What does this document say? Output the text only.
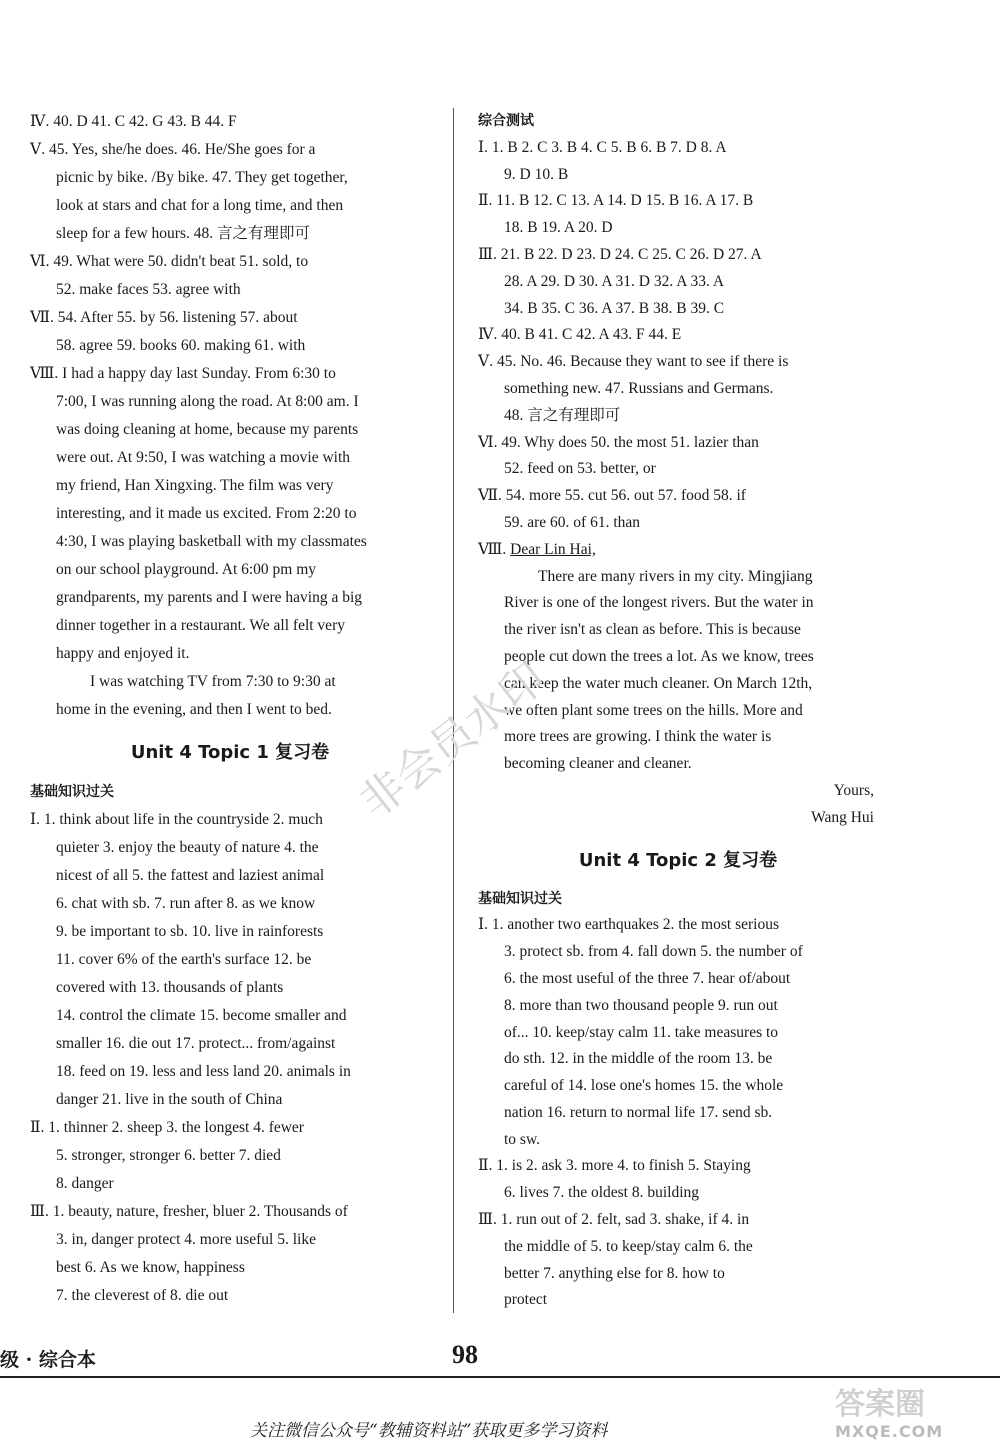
Ⅳ. 40. D 41. C 42. G 43. B 44. F
Ⅴ. 45. Yes, she/he does. 46. He/She goes for a
picnic by bike. /By bike. 47. They get together,
look at stars and chat for a long time, and then
sleep for a few hours. 48. 言之有理即可
Ⅵ. 49. What were 50. didn't beat 51. sold, to
52. make faces 53. agree with
Ⅶ. 54. After 55. by 56. listening 57. about
58. agree 59. books 60. making 61. with
Ⅷ. I had a happy day last Sunday. From 6:30 to
7:00, I was running along the road. At 8:00 am. I
was doing cleaning at home, because my parents
were out. At 9:50, I was watching a movie with
my friend, Han Xingxing. The film was very
interesting, and it made us excited. From 2:20 to
4:30, I was playing basketball with my classmates
on our school playground. At 6:00 pm my
grandparents, my parents and I were having a big
dinner together in a restaurant. We all felt very
happy and enjoyed it.
I was watching TV from 7:30 to 9:30 at
home in the evening, and then I went to bed.
Unit 4 Topic 1 复习卷
基础知识过关
Ⅰ. 1. think about life in the countryside 2. much
quieter 3. enjoy the beauty of nature 4. the
nicest of all 5. the fattest and laziest animal
6. chat with sb. 7. run after 8. as we know
9. be important to sb. 10. live in rainforests
11. cover 6% of the earth's surface 12. be
covered with 13. thousands of plants
14. control the climate 15. become smaller and
smaller 16. die out 17. protect... from/against
18. feed on 19. less and less land 20. animals in
danger 21. live in the south of China
Ⅱ. 1. thinner 2. sheep 3. the longest 4. fewer
5. stronger, stronger 6. better 7. died
8. danger
Ⅲ. 1. beauty, nature, fresher, bluer 2. Thousands of
3. in, danger protect 4. more useful 5. like
best 6. As we know, happiness
7. the cleverest of 8. die out
综合测试
Ⅰ. 1. B 2. C 3. B 4. C 5. B 6. B 7. D 8. A
9. D 10. B
Ⅱ. 11. B 12. C 13. A 14. D 15. B 16. A 17. B
18. B 19. A 20. D
Ⅲ. 21. B 22. D 23. D 24. C 25. C 26. D 27. A
28. A 29. D 30. A 31. D 32. A 33. A
34. B 35. C 36. A 37. B 38. B 39. C
Ⅳ. 40. B 41. C 42. A 43. F 44. E
Ⅴ. 45. No. 46. Because they want to see if there is
something new. 47. Russians and Germans.
48. 言之有理即可
Ⅵ. 49. Why does 50. the most 51. lazier than
52. feed on 53. better, or
Ⅶ. 54. more 55. cut 56. out 57. food 58. if
59. are 60. of 61. than
Ⅷ. Dear Lin Hai,
There are many rivers in my city. Mingjiang
River is one of the longest rivers. But the water in
the river isn't as clean as before. This is because
people cut down the trees a lot. As we know, trees
can keep the water much cleaner. On March 12th,
we often plant some trees on the hills. More and
more trees are growing. I think the water is
becoming cleaner and cleaner.
Yours,
Wang Hui
Unit 4 Topic 2 复习卷
基础知识过关
Ⅰ. 1. another two earthquakes 2. the most serious
3. protect sb. from 4. fall down 5. the number of
6. the most useful of the three 7. hear of/about
8. more than two thousand people 9. run out
of... 10. keep/stay calm 11. take measures to
do sth. 12. in the middle of the room 13. be
careful of 14. lose one's homes 15. the whole
nation 16. return to normal life 17. send sb.
to sw.
Ⅱ. 1. is 2. ask 3. more 4. to finish 5. Staying
6. lives 7. the oldest 8. building
Ⅲ. 1. run out of 2. felt, sad 3. shake, if 4. in
the middle of 5. to keep/stay calm 6. the
better 7. anything else for 8. how to
protect
非会员水印
级 · 综合本	98
关注微信公众号“教辅资料站”获取更多学习资料
答案圈
MXQE.COM
